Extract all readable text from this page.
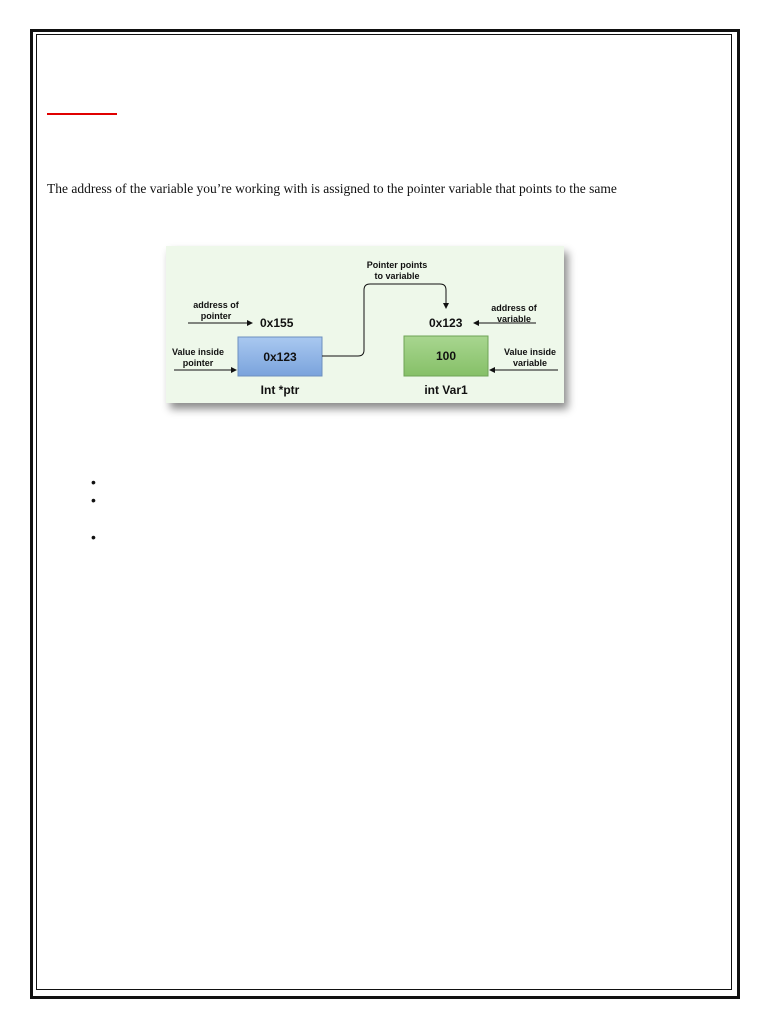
The address of the variable you’re working with is assigned to the pointer variable that points to the same
0x123	100
0x155	0x123
Int *ptr	int Var1
Pointer points
to variable
address of
pointer
Value inside
pointer
address of
variable
Value inside
variable
•
•
•
